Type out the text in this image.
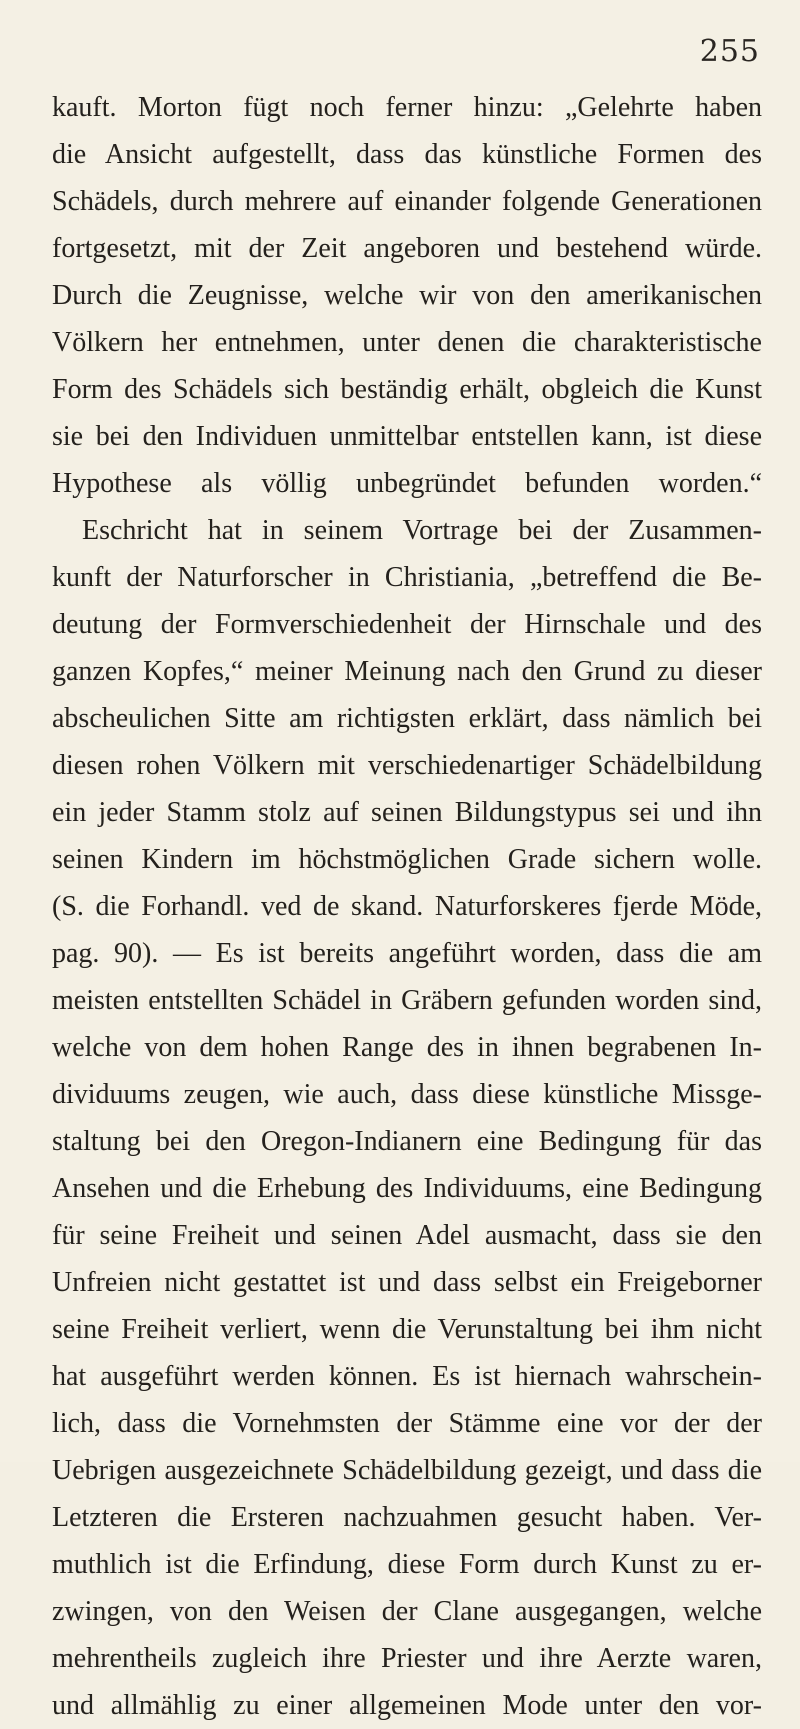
255
kauft. Morton fügt noch ferner hinzu: „Gelehrte haben
die Ansicht aufgestellt, dass das künstliche Formen des
Schädels, durch mehrere auf einander folgende Generationen
fortgesetzt, mit der Zeit angeboren und bestehend würde.
Durch die Zeugnisse, welche wir von den amerikanischen
Völkern her entnehmen, unter denen die charakteristische
Form des Schädels sich beständig erhält, obgleich die Kunst
sie bei den Individuen unmittelbar entstellen kann, ist diese
Hypothese als völlig unbegründet befunden worden.“
Eschricht hat in seinem Vortrage bei der Zusammen-
kunft der Naturforscher in Christiania, „betreffend die Be-
deutung der Formverschiedenheit der Hirnschale und des
ganzen Kopfes,“ meiner Meinung nach den Grund zu dieser
abscheulichen Sitte am richtigsten erklärt, dass nämlich bei
diesen rohen Völkern mit verschiedenartiger Schädelbildung
ein jeder Stamm stolz auf seinen Bildungstypus sei und ihn
seinen Kindern im höchstmöglichen Grade sichern wolle.
(S. die Forhandl. ved de skand. Naturforskeres fjerde Möde,
pag. 90). — Es ist bereits angeführt worden, dass die am
meisten entstellten Schädel in Gräbern gefunden worden sind,
welche von dem hohen Range des in ihnen begrabenen In-
dividuums zeugen, wie auch, dass diese künstliche Missge-
staltung bei den Oregon-Indianern eine Bedingung für das
Ansehen und die Erhebung des Individuums, eine Bedingung
für seine Freiheit und seinen Adel ausmacht, dass sie den
Unfreien nicht gestattet ist und dass selbst ein Freigeborner
seine Freiheit verliert, wenn die Verunstaltung bei ihm nicht
hat ausgeführt werden können. Es ist hiernach wahrschein-
lich, dass die Vornehmsten der Stämme eine vor der der
Uebrigen ausgezeichnete Schädelbildung gezeigt, und dass die
Letzteren die Ersteren nachzuahmen gesucht haben. Ver-
muthlich ist die Erfindung, diese Form durch Kunst zu er-
zwingen, von den Weisen der Clane ausgegangen, welche
mehrentheils zugleich ihre Priester und ihre Aerzte waren,
und allmählig zu einer allgemeinen Mode unter den vor-
